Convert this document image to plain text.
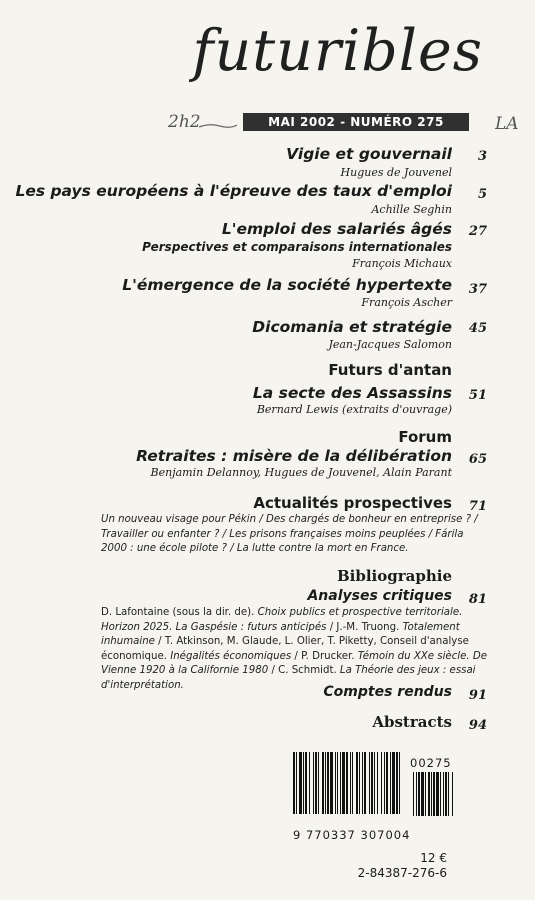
futuribles
2h2	LA
MAI 2002 - NUMÉRO 275
Vigie et gouvernail 3
Hugues de Jouvenel
Les pays européens à l'épreuve des taux d'emploi 5
Achille Seghin
L'emploi des salariés âgés 27
Perspectives et comparaisons internationales
François Michaux
L'émergence de la société hypertexte 37
François Ascher
Dicomania et stratégie 45
Jean-Jacques Salomon
Futurs d'antan
La secte des Assassins 51
Bernard Lewis (extraits d'ouvrage)
Forum
Retraites : misère de la délibération 65
Benjamin Delannoy, Hugues de Jouvenel, Alain Parant
Actualités prospectives 71
Un nouveau visage pour Pékin / Des chargés de bonheur en entreprise ? /
Travailler ou enfanter ? / Les prisons françaises moins peuplées / Fárila
2000 : une école pilote ? / La lutte contre la mort en France.
Bibliographie
Analyses critiques 81
D. Lafontaine (sous la dir. de). Choix publics et prospective territoriale.
Horizon 2025. La Gaspésie : futurs anticipés / J.-M. Truong. Totalement
inhumaine / T. Atkinson, M. Glaude, L. Olier, T. Piketty, Conseil d'analyse
économique. Inégalités économiques / P. Drucker. Témoin du XXe siècle. De
Vienne 1920 à la Californie 1980 / C. Schmidt. La Théorie des jeux : essai
d'interprétation.	Comptes rendus 91
Abstracts 94
00275
9 770337 307004
12 €
2-84387-276-6
